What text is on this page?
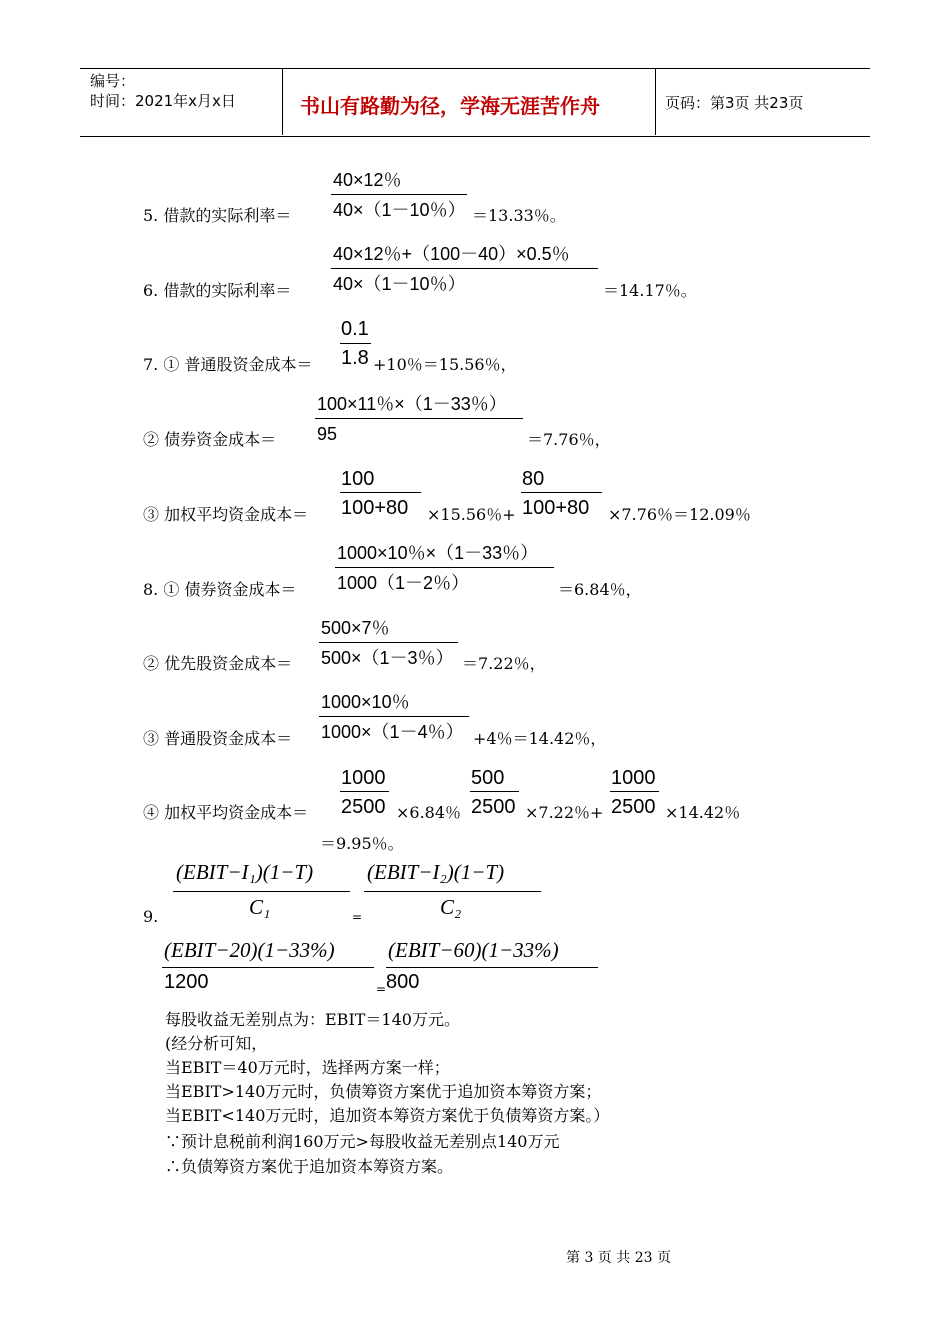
编号：
时间：2021年x月x日	书山有路勤为径，学海无涯苦作舟	页码：第3页 共23页
40×12％
40×（1－10％）
5. 借款的实际利率＝	＝13.33％。
40×12％+（100－40）×0.5％
40×（1－10％）
6. 借款的实际利率＝	＝14.17％。
0.1
1.8
7. ① 普通股资金成本＝	+10％＝15.56％，
100×11％×（1－33％）
95
② 债券资金成本＝	＝7.76％，
100
100+80
80
100+80
③ 加权平均资金成本＝	×15.56％+	×7.76％＝12.09％
1000×10％×（1－33％）
1000（1－2％）
8. ① 债券资金成本＝	＝6.84％，
500×7％
500×（1－3％）
② 优先股资金成本＝	＝7.22％，
1000×10％
1000×（1－4％）
③ 普通股资金成本＝	+4％＝14.42％，
1000
2500
500
2500
1000
2500
④ 加权平均资金成本＝	×6.84％	×7.22％+	×14.42％
＝9.95％。
(EBIT−I₁)(1−T)
C₁	=
(EBIT−I₂)(1−T)
C₂
9.
(EBIT−20)(1−33%)
1200	=
(EBIT−60)(1−33%)
800
每股收益无差别点为：EBIT＝140万元。
(经分析可知，
当EBIT＝40万元时，选择两方案一样；
当EBIT>140万元时，负债筹资方案优于追加资本筹资方案；
当EBIT<140万元时，追加资本筹资方案优于负债筹资方案。）
∵预计息税前利润160万元>每股收益无差别点140万元
∴负债筹资方案优于追加资本筹资方案。
第 3 页 共 23 页
